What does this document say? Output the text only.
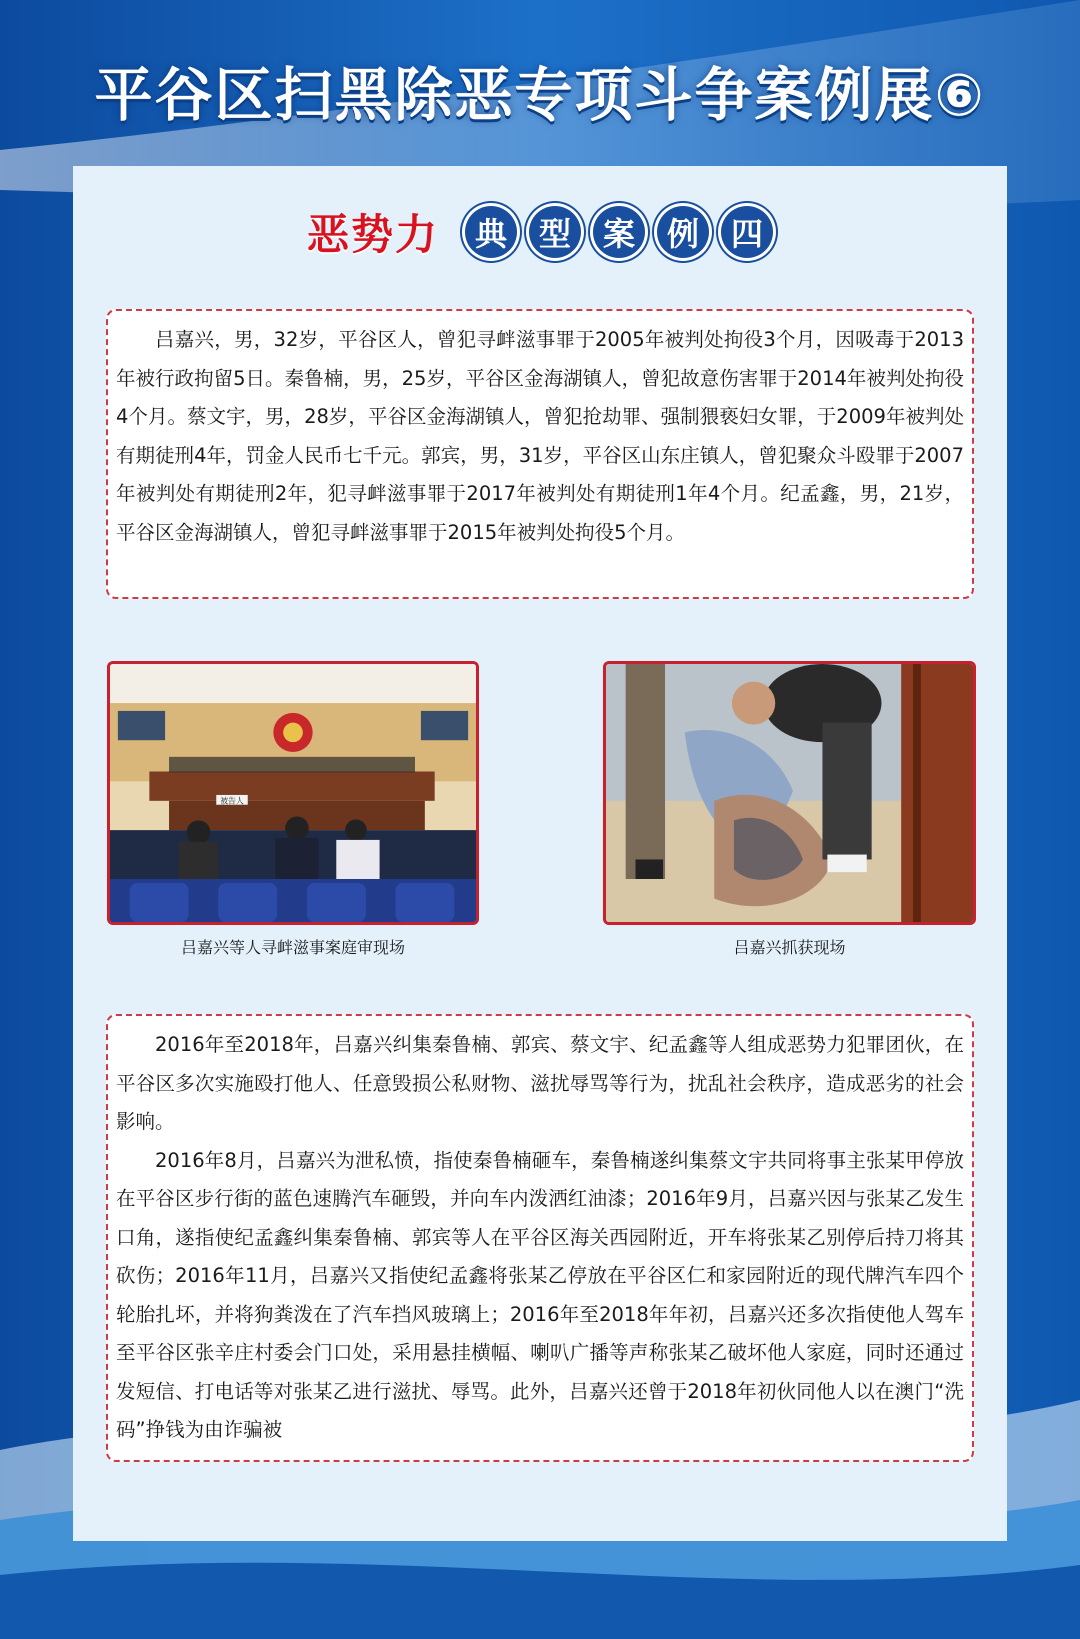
平谷区扫黑除恶专项斗争案例展⑥
恶势力	典 型 案 例 四

吕嘉兴，男，32岁，平谷区人，曾犯寻衅滋事罪于2005年被判处拘役3个月，因吸毒于2013年被行政拘留5日。秦鲁楠，男，25岁，平谷区金海湖镇人，曾犯故意伤害罪于2014年被判处拘役4个月。蔡文宇，男，28岁，平谷区金海湖镇人，曾犯抢劫罪、强制猥亵妇女罪，于2009年被判处有期徒刑4年，罚金人民币七千元。郭宾，男，31岁，平谷区山东庄镇人，曾犯聚众斗殴罪于2007年被判处有期徒刑2年，犯寻衅滋事罪于2017年被判处有期徒刑1年4个月。纪孟鑫，男，21岁，平谷区金海湖镇人，曾犯寻衅滋事罪于2015年被判处拘役5个月。

被告人
吕嘉兴等人寻衅滋事案庭审现场	吕嘉兴抓获现场

2016年至2018年，吕嘉兴纠集秦鲁楠、郭宾、蔡文宇、纪孟鑫等人组成恶势力犯罪团伙，在平谷区多次实施殴打他人、任意毁损公私财物、滋扰辱骂等行为，扰乱社会秩序，造成恶劣的社会影响。

2016年8月，吕嘉兴为泄私愤，指使秦鲁楠砸车，秦鲁楠遂纠集蔡文宇共同将事主张某甲停放在平谷区步行街的蓝色速腾汽车砸毁，并向车内泼洒红油漆；2016年9月，吕嘉兴因与张某乙发生口角，遂指使纪孟鑫纠集秦鲁楠、郭宾等人在平谷区海关西园附近，开车将张某乙别停后持刀将其砍伤；2016年11月，吕嘉兴又指使纪孟鑫将张某乙停放在平谷区仁和家园附近的现代牌汽车四个轮胎扎坏，并将狗粪泼在了汽车挡风玻璃上；2016年至2018年年初，吕嘉兴还多次指使他人驾车至平谷区张辛庄村委会门口处，采用悬挂横幅、喇叭广播等声称张某乙破坏他人家庭，同时还通过发短信、打电话等对张某乙进行滋扰、辱骂。此外，吕嘉兴还曾于2018年初伙同他人以在澳门“洗码”挣钱为由诈骗被
